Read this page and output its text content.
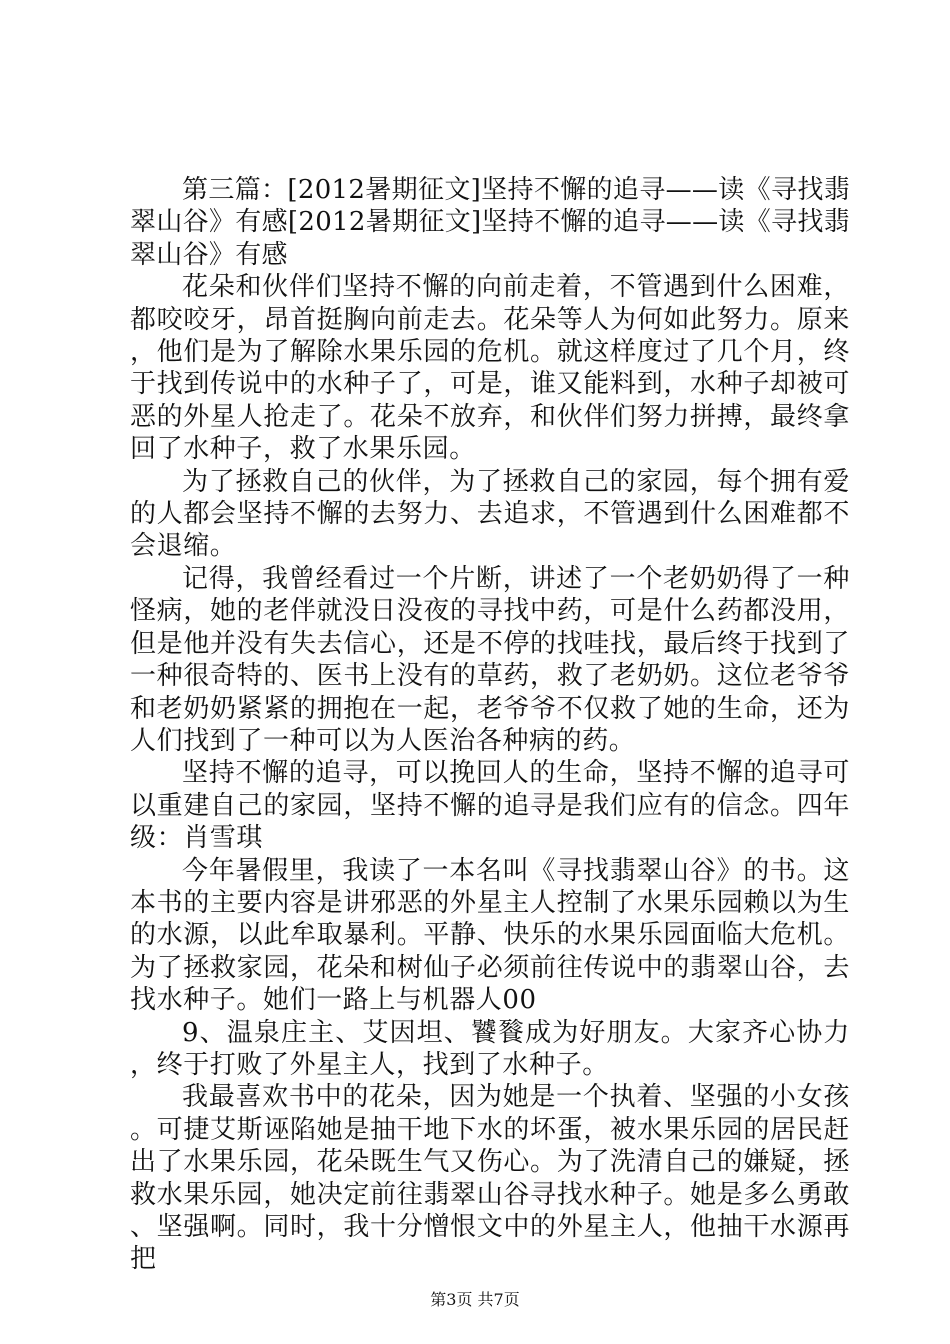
第三篇：[2012暑期征文]坚持不懈的追寻——读《寻找翡翠山谷》有感[2012暑期征文]坚持不懈的追寻——读《寻找翡翠山谷》有感

花朵和伙伴们坚持不懈的向前走着，不管遇到什么困难，都咬咬牙，昂首挺胸向前走去。花朵等人为何如此努力。原来，他们是为了解除水果乐园的危机。就这样度过了几个月，终于找到传说中的水种子了，可是，谁又能料到，水种子却被可恶的外星人抢走了。花朵不放弃，和伙伴们努力拼搏，最终拿回了水种子，救了水果乐园。

为了拯救自己的伙伴，为了拯救自己的家园，每个拥有爱的人都会坚持不懈的去努力、去追求，不管遇到什么困难都不会退缩。

记得，我曾经看过一个片断，讲述了一个老奶奶得了一种怪病，她的老伴就没日没夜的寻找中药，可是什么药都没用，但是他并没有失去信心，还是不停的找哇找，最后终于找到了一种很奇特的、医书上没有的草药，救了老奶奶。这位老爷爷和老奶奶紧紧的拥抱在一起，老爷爷不仅救了她的生命，还为人们找到了一种可以为人医治各种病的药。

坚持不懈的追寻，可以挽回人的生命，坚持不懈的追寻可以重建自己的家园，坚持不懈的追寻是我们应有的信念。四年级：肖雪琪

今年暑假里，我读了一本名叫《寻找翡翠山谷》的书。这本书的主要内容是讲邪恶的外星主人控制了水果乐园赖以为生的水源，以此牟取暴利。平静、快乐的水果乐园面临大危机。为了拯救家园，花朵和树仙子必须前往传说中的翡翠山谷，去找水种子。她们一路上与机器人00

9、温泉庄主、艾因坦、饕餮成为好朋友。大家齐心协力，终于打败了外星主人，找到了水种子。

我最喜欢书中的花朵，因为她是一个执着、坚强的小女孩。可捷艾斯诬陷她是抽干地下水的坏蛋，被水果乐园的居民赶出了水果乐园，花朵既生气又伤心。为了洗清自己的嫌疑，拯救水果乐园，她决定前往翡翠山谷寻找水种子。她是多么勇敢、坚强啊。同时，我十分憎恨文中的外星主人，他抽干水源再把

第3页 共7页
